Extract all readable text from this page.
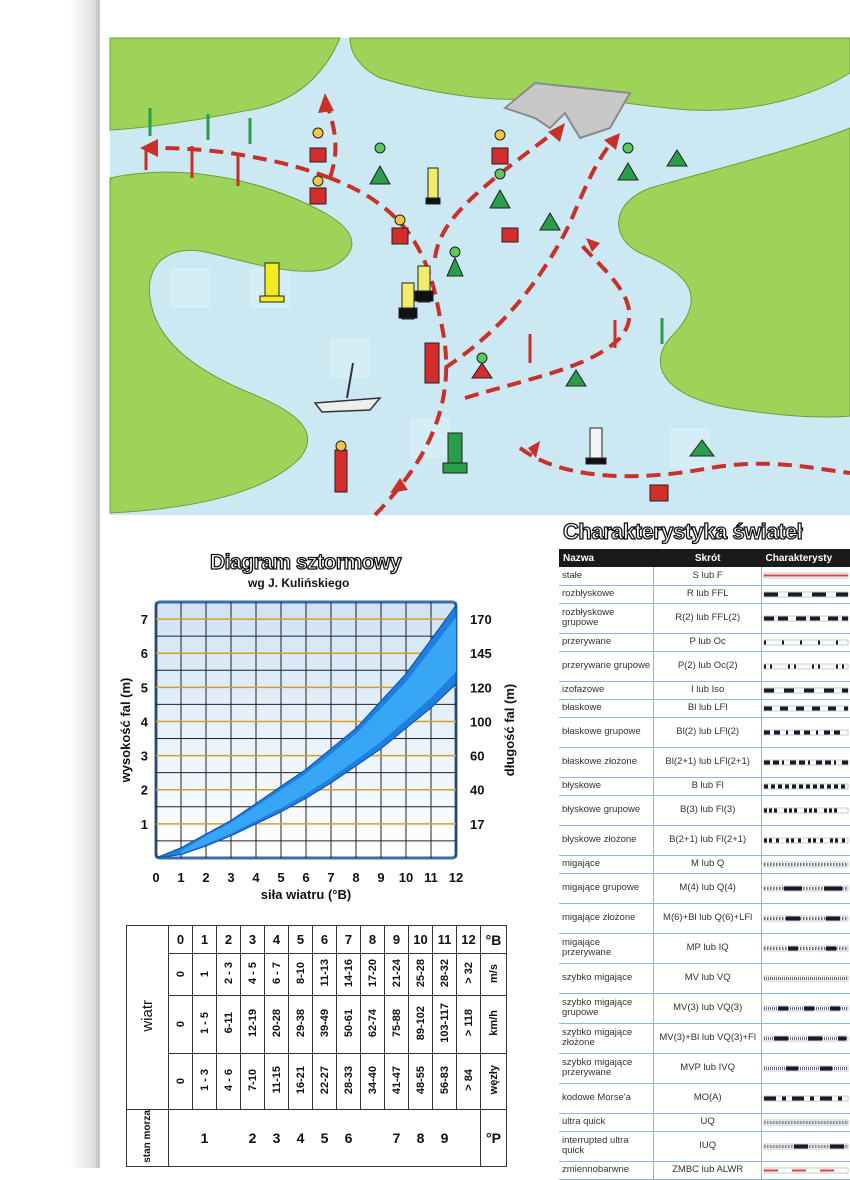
Diagram sztormowy
wg J. Kulińskiego
0 1 2 3 4 5 6 7 8 9 10 11 12
1
2
3
4
5
6
7
17
40
60
100
120
145
170
siła wiatru (°B)
wysokość fal (m)	długość fal (m)
wiatr	0	1	2	3	4	5	6	7	8	9	10	11	12	°B
	0	1	2 - 3	4 - 5	6 - 7	8-10	11-13	14-16	17-20	21-24	25-28	28-32	> 32	m/s
	0	1 - 5	6-11	12-19	20-28	29-38	39-49	50-61	62-74	75-88	89-102	103-117	> 118	km/h
	0	1 - 3	4 - 6	7-10	11-15	16-21	22-27	28-33	34-40	41-47	48-55	56-83	> 84	węzły
stan morza		1		2	3	4	5	6		7	8	9		°P
Charakterystyka świateł
Nazwa	Skrót	Charakterysty
stałe	S lub F	

rozbłyskowe	R lub FFL	

rozbłyskowe grupowe	R(2) lub FFL(2)	

przerywane	P lub Oc	

przerywane grupowe	P(2) lub Oc(2)	

izofazowe	I lub Iso	

błaskowe	Bl lub LFl	

błaskowe grupowe	Bl(2) lub LFl(2)	

błaskowe złożone	Bl(2+1) lub LFl(2+1)	

błyskowe	B lub Fl	

błyskowe grupowe	B(3) lub Fl(3)	

błyskowe złożone	B(2+1) lub Fl(2+1)	

migające	M lub Q	

migające grupowe	M(4) lub Q(4)	

migające złożone	M(6)+Bl lub Q(6)+LFl	

migające przerywane	MP lub IQ	

szybko migające	MV lub VQ	

szybko migające grupowe	MV(3) lub VQ(3)	

szybko migające złożone	MV(3)+Bl lub VQ(3)+Fl	

szybko migające przerywane	MVP lub IVQ	

kodowe Morse'a	MO(A)	

ultra quick	UQ	

interrupted ultra quick	IUQ	

zmiennobarwne	ZMBC lub ALWR	
